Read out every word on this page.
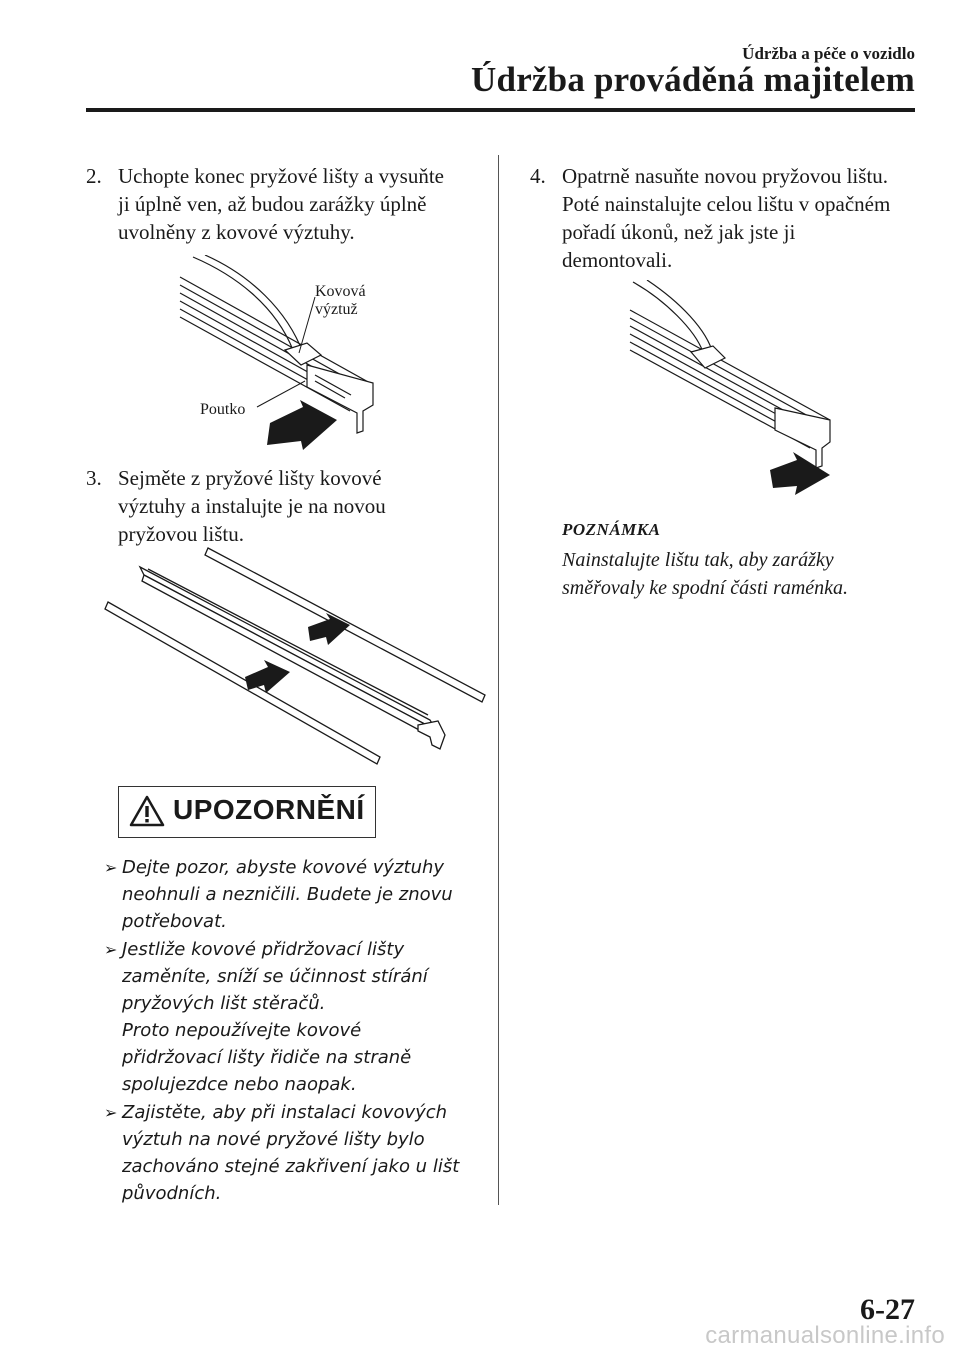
Údržba a péče o vozidlo
Údržba prováděná majitelem
2. Uchopte konec pryžové lišty a vysuňte
ji úplně ven, až budou zarážky úplně
uvolněny z kovové výztuhy.
Kovová výztuž
Poutko
3. Sejměte z pryžové lišty kovové
výztuhy a instalujte je na novou
pryžovou lištu.
UPOZORNĚNÍ
➢ Dejte pozor, abyste kovové výztuhy
neohnuli a nezničili. Budete je znovu
potřebovat.
➢ Jestliže kovové přidržovací lišty
zaměníte, sníží se účinnost stírání
pryžových lišt stěračů.
Proto nepoužívejte kovové
přidržovací lišty řidiče na straně
spolujezdce nebo naopak.
➢ Zajistěte, aby při instalaci kovových
výztuh na nové pryžové lišty bylo
zachováno stejné zakřivení jako u lišt
původních.
4. Opatrně nasuňte novou pryžovou lištu.
Poté nainstalujte celou lištu v opačném
pořadí úkonů, než jak jste ji
demontovali.
POZNÁMKA
Nainstalujte lištu tak, aby zarážky
směřovaly ke spodní části raménka.
6-27
carmanualsonline.info
